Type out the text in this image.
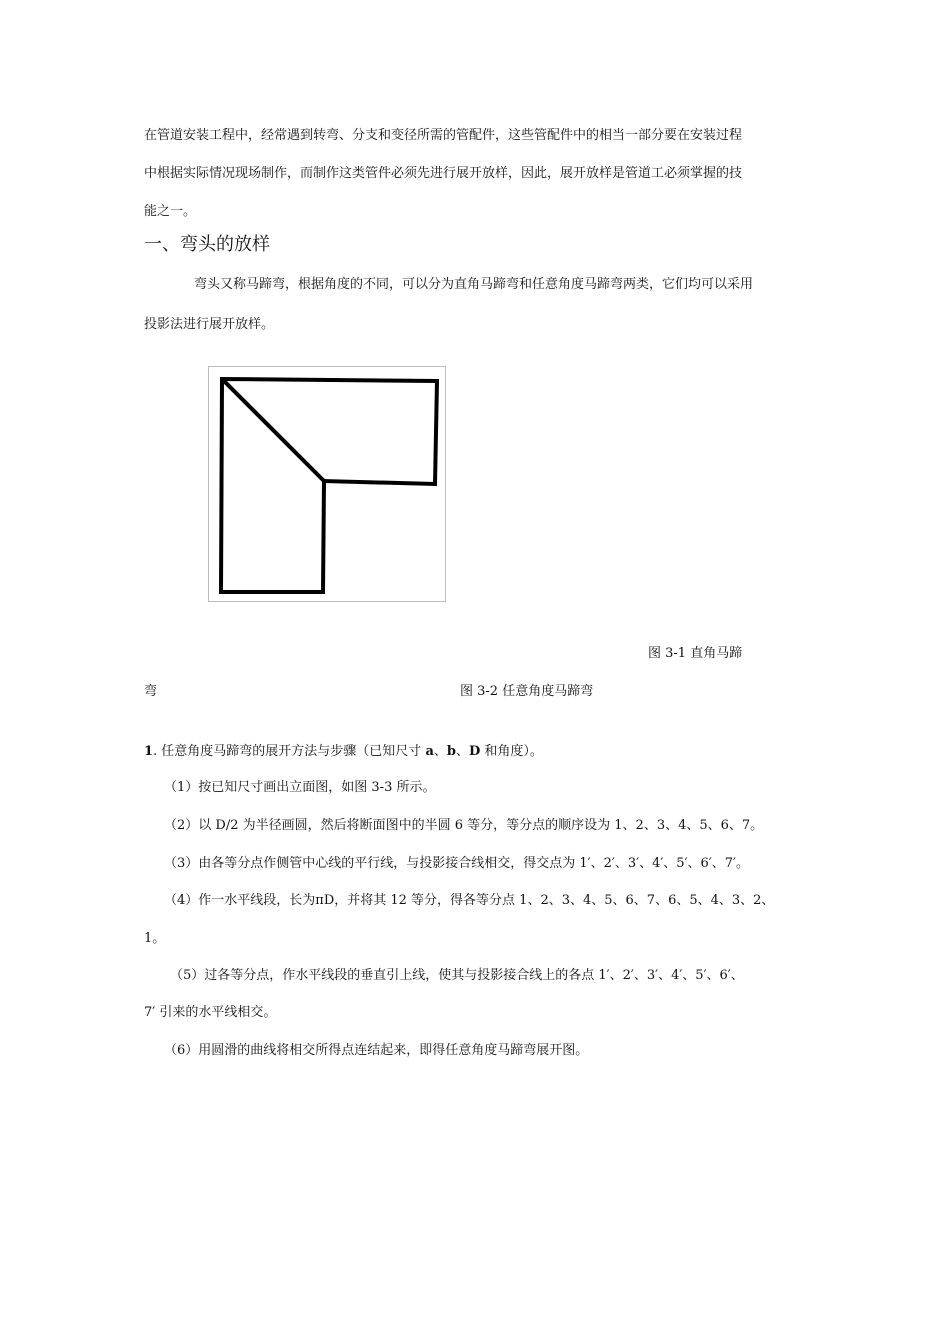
在管道安装工程中，经常遇到转弯、分支和变径所需的管配件，这些管配件中的相当一部分要在安装过程
中根据实际情况现场制作，而制作这类管件必须先进行展开放样，因此，展开放样是管道工必须掌握的技
能之一。
一、弯头的放样
弯头又称马蹄弯，根据角度的不同，可以分为直角马蹄弯和任意角度马蹄弯两类，它们均可以采用
投影法进行展开放样。
图 3-1 直角马蹄
弯	图 3-2 任意角度马蹄弯
1. 任意角度马蹄弯的展开方法与步骤（已知尺寸 a、b、D 和角度）。
（1）按已知尺寸画出立面图，如图 3-3 所示。
（2）以 D/2 为半径画圆，然后将断面图中的半圆 6 等分，等分点的顺序设为 1、2、3、4、5、6、7。
（3）由各等分点作侧管中心线的平行线，与投影接合线相交，得交点为 1′、2′、3′、4′、5′、6′、7′。
（4）作一水平线段，长为πD，并将其 12 等分，得各等分点 1、2、3、4、5、6、7、6、5、4、3、2、
1。
（5）过各等分点，作水平线段的垂直引上线，使其与投影接合线上的各点 1′、2′、3′、4′、5′、6′、
7′ 引来的水平线相交。
（6）用圆滑的曲线将相交所得点连结起来，即得任意角度马蹄弯展开图。
